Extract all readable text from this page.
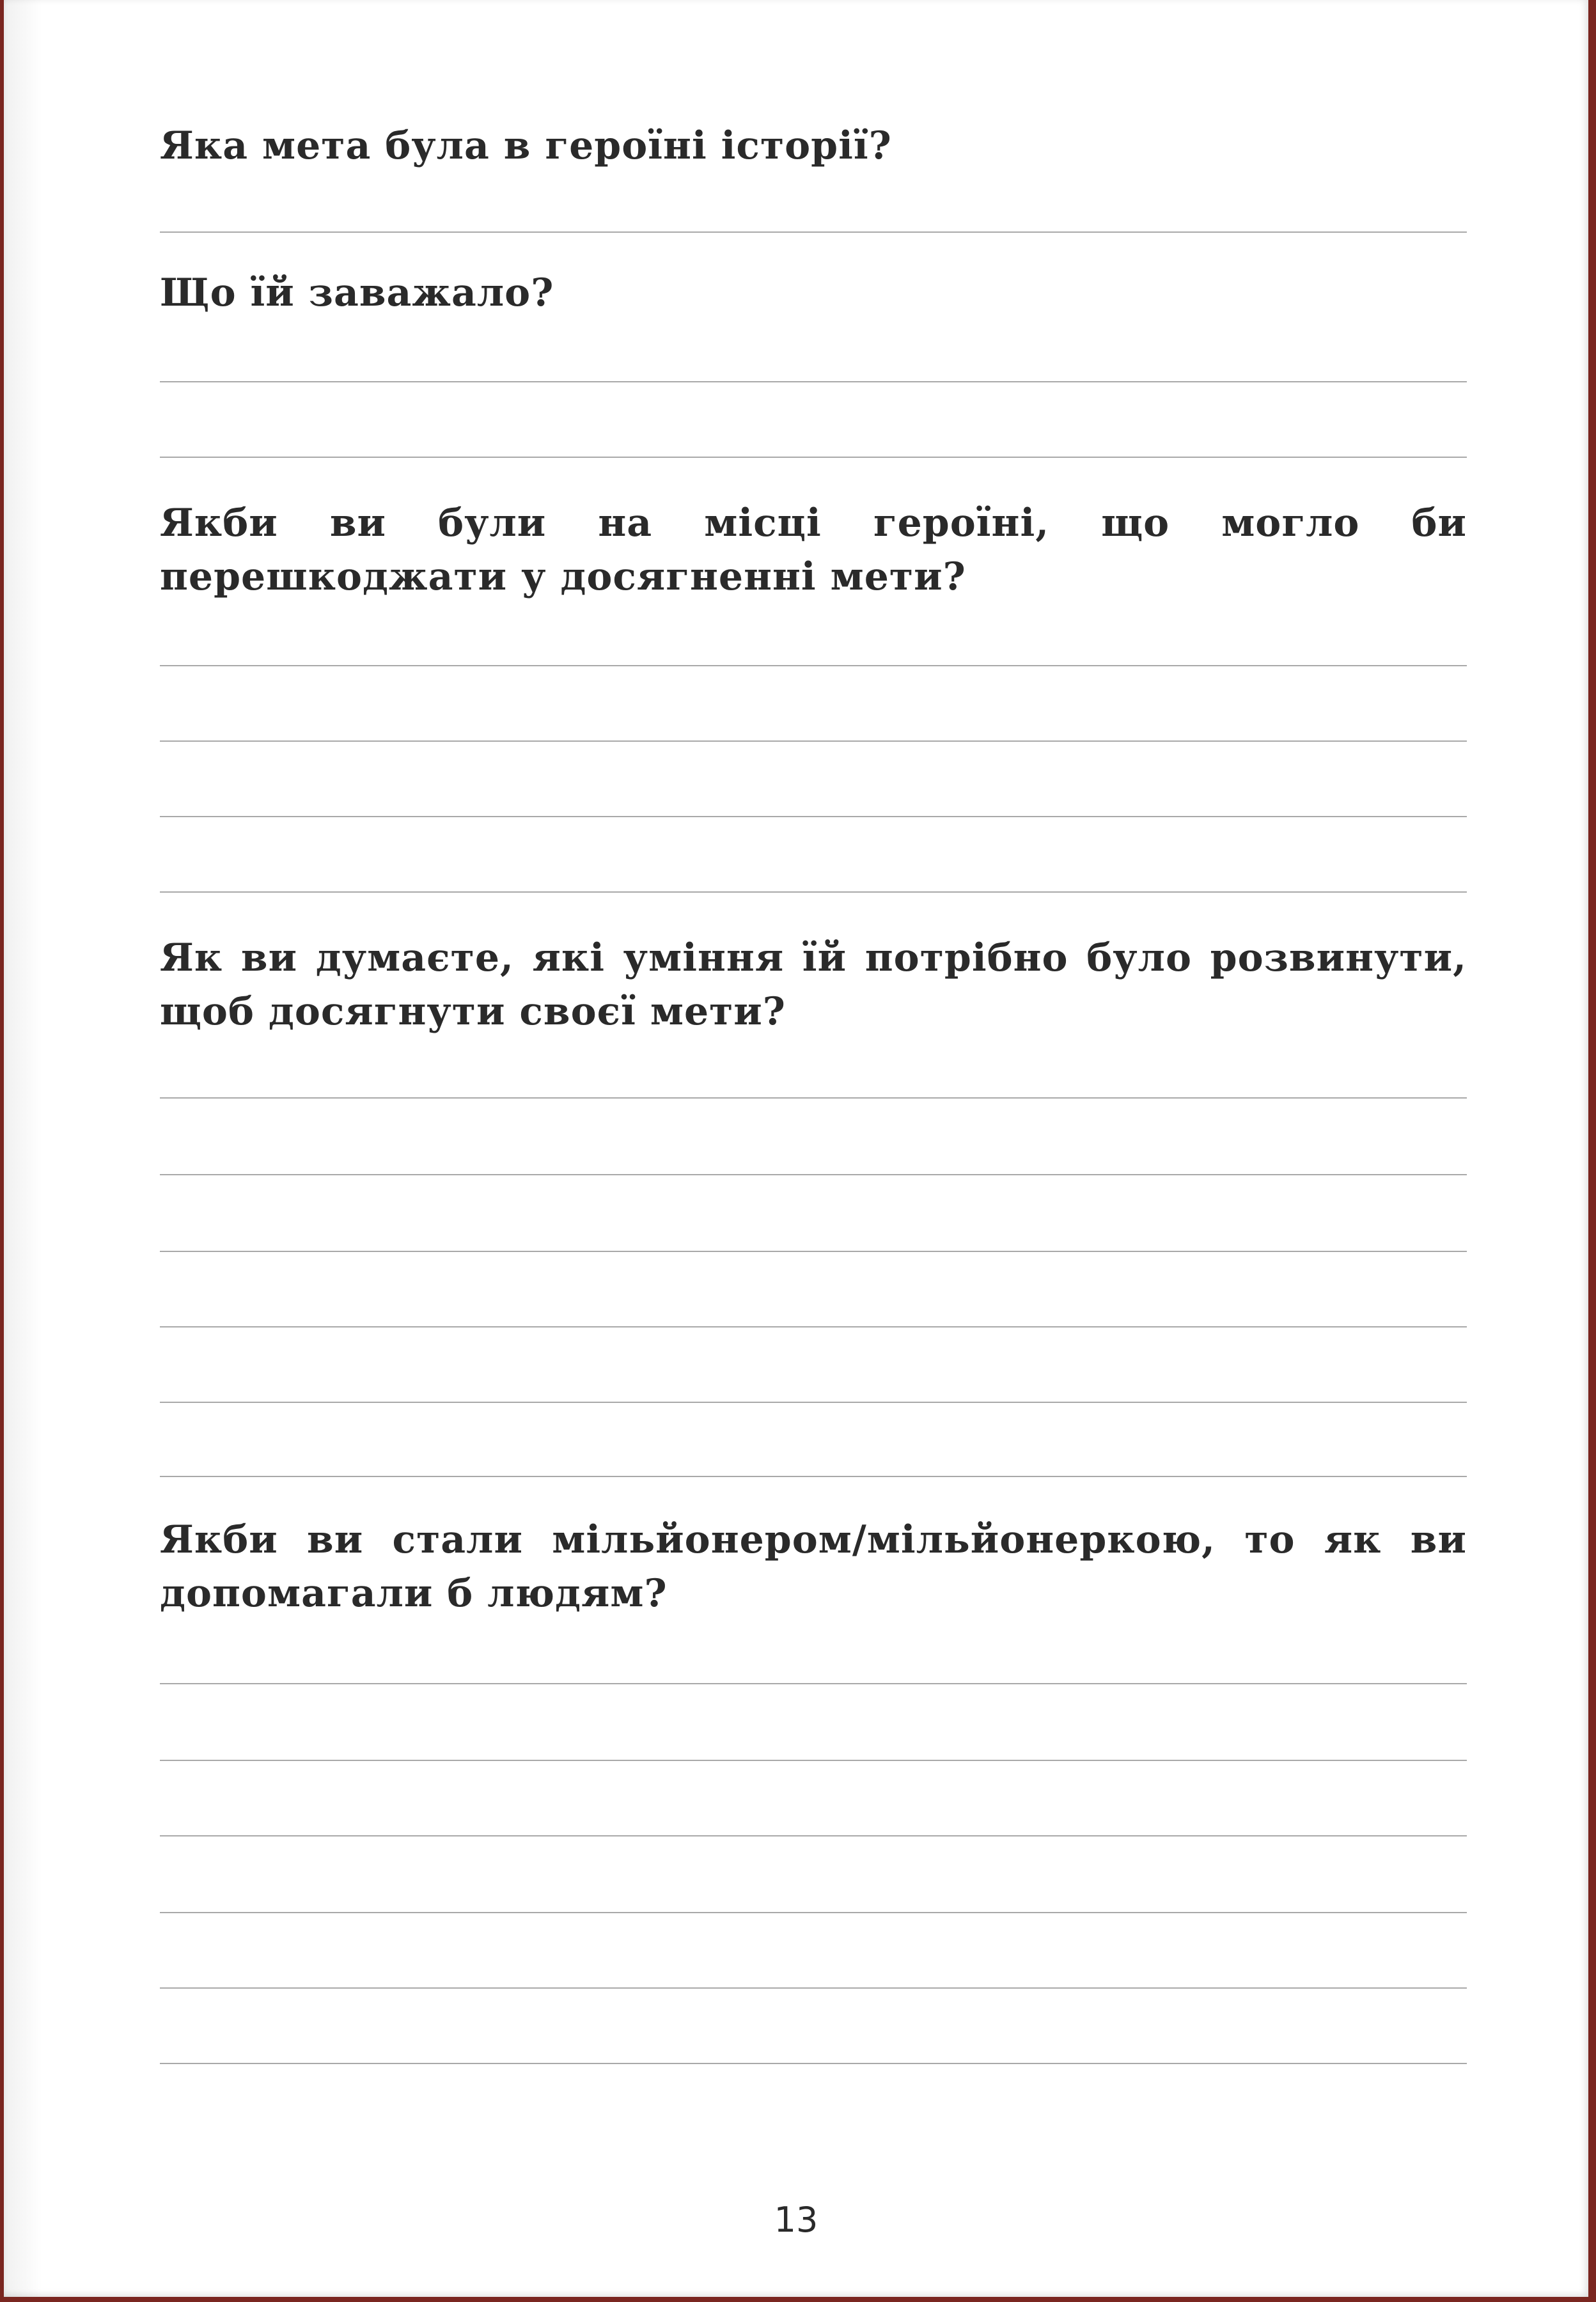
Яка мета була в героїні історії?

Що їй заважало?

Якби ви були на місці героїні, що могло би перешкоджати у досягненні мети?

Як ви думаєте, які уміння їй потрібно було розвинути, щоб досягнути своєї мети?

Якби ви стали мільйонером/мільйонеркою, то як ви допомагали б людям?

13
